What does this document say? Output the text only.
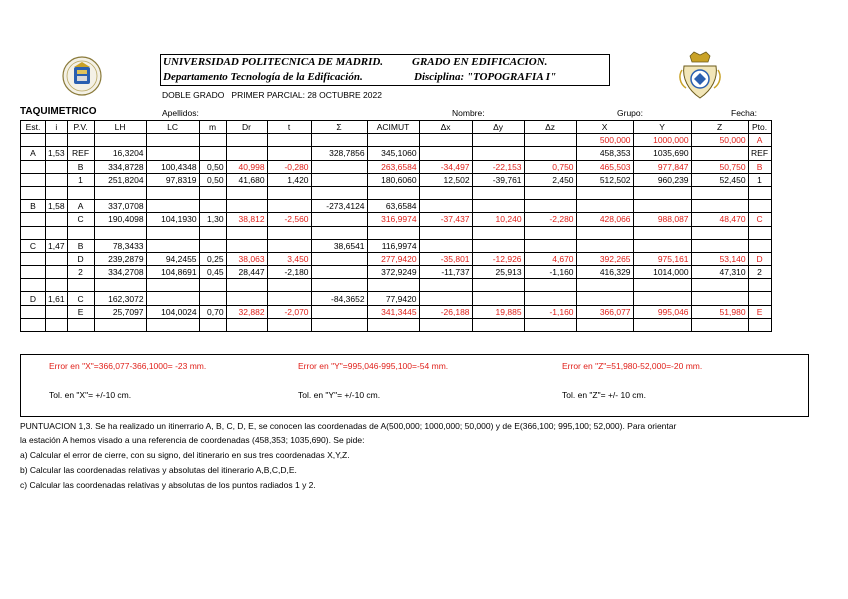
UNIVERSIDAD POLITECNICA DE MADRID.
Departamento Tecnología de la Edificación.
GRADO EN EDIFICACION.
Disciplina: "TOPOGRAFIA I"
DOBLE GRADO   PRIMER PARCIAL: 28 OCTUBRE 2022
TAQUIMETRICO	Apellidos:	Nombre:	Grupo:	Fecha:
Est.	i	P.V.	LH	LC	m	Dr	t	Σ	ACIMUT	Δx	Δy	Δz	X	Y	Z	Pto.
													500,000	1000,000	50,000	A
A	1,53	REF	16,3204					328,7856	345,1060				458,353	1035,690		REF
		B	334,8728	100,4348	0,50	40,998	-0,280		263,6584	-34,497	-22,153	0,750	465,503	977,847	50,750	B
		1	251,8204	97,8319	0,50	41,680	1,420		180,6060	12,502	-39,761	2,450	512,502	960,239	52,450	1

B	1,58	A	337,0708					-273,4124	63,6584							
		C	190,4098	104,1930	1,30	38,812	-2,560		316,9974	-37,437	10,240	-2,280	428,066	988,087	48,470	C

C	1,47	B	78,3433					38,6541	116,9974							
		D	239,2879	94,2455	0,25	38,063	3,450		277,9420	-35,801	-12,926	4,670	392,265	975,161	53,140	D
		2	334,2708	104,8691	0,45	28,447	-2,180		372,9249	-11,737	25,913	-1,160	416,329	1014,000	47,310	2

D	1,61	C	162,3072					-84,3652	77,9420							
		E	25,7097	104,0024	0,70	32,882	-2,070		341,3445	-26,188	19,885	-1,160	366,077	995,046	51,980	E

Error en "X"=366,077-366,1000= -23 mm.	Error en "Y"=995,046-995,100=-54 mm.	Error en "Z"=51,980-52,000=-20 mm.
Tol. en "X"= +/-10 cm.	Tol. en "Y"= +/-10 cm.	Tol. en "Z"= +/- 10 cm.
PUNTUACION 1,3. Se ha realizado un itinerrario A, B, C, D, E, se conocen las coordenadas de A(500,000; 1000,000; 50,000) y de E(366,100; 995,100; 52,000). Para orientar
la estación A hemos visado a una referencia de coordenadas (458,353; 1035,690). Se pide:
a) Calcular el error de cierre, con su signo, del itinerario en sus tres coordenadas X,Y,Z.
b) Calcular las coordenadas relativas y absolutas del itinerario A,B,C,D,E.
c) Calcular las coordenadas relativas y absolutas de los puntos radiados 1 y 2.
